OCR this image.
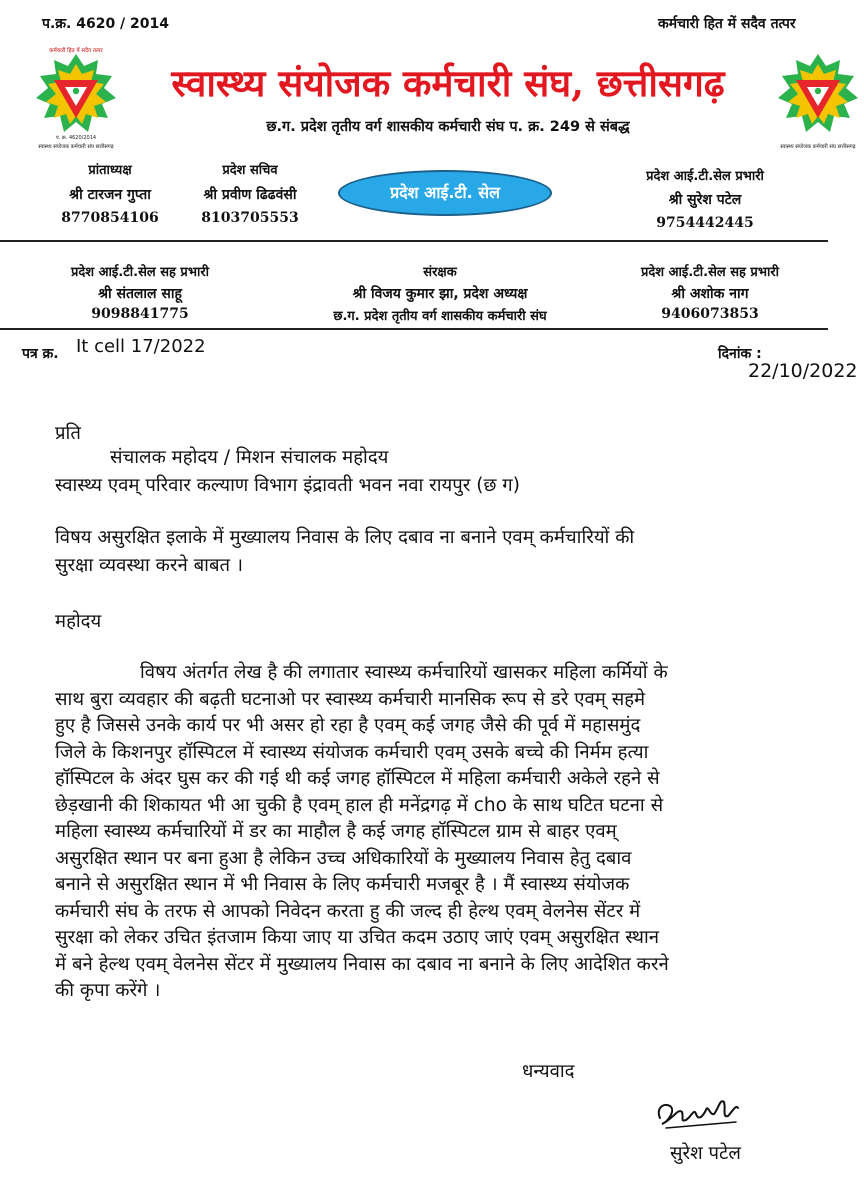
प.क्र. 4620 / 2014	कर्मचारी हित में सदैव तत्पर
कर्मचारी हित में सदैव तत्पर
प. क्र. 4620/2014
स्वास्थ्य संयोजक कर्मचारी संघ छत्तीसगढ़	स्वास्थ्य संयोजक कर्मचारी संघ छत्तीसगढ़
स्वास्थ्य संयोजक कर्मचारी संघ, छत्तीसगढ़
छ.ग. प्रदेश तृतीय वर्ग शासकीय कर्मचारी संघ प. क्र. 249 से संबद्ध
प्रांताध्यक्ष
श्री टारजन गुप्ता
8770854106
प्रदेश सचिव
श्री प्रवीण ढिढवंसी
8103705553
प्रदेश आई.टी. सेल
प्रदेश आई.टी.सेल प्रभारी
श्री सुरेश पटेल
9754442445
प्रदेश आई.टी.सेल सह प्रभारी
श्री संतलाल साहू
9098841775
संरक्षक
श्री विजय कुमार झा, प्रदेश अध्यक्ष
छ.ग. प्रदेश तृतीय वर्ग शासकीय कर्मचारी संघ
प्रदेश आई.टी.सेल सह प्रभारी
श्री अशोक नाग
9406073853
पत्र क्र. It cell 17/2022	दिनांक :
22/10/2022
प्रति
संचालक महोदय / मिशन संचालक महोदय
स्वास्थ्य एवम् परिवार कल्याण विभाग इंद्रावती भवन नवा रायपुर (छ ग)
विषय असुरक्षित इलाके में मुख्यालय निवास के लिए दबाव ना बनाने एवम् कर्मचारियों की
सुरक्षा व्यवस्था करने बाबत ।
महोदय

विषय अंतर्गत लेख है की लगातार स्वास्थ्य कर्मचारियों खासकर महिला कर्मियों के

साथ बुरा व्यवहार की बढ़ती घटनाओ पर स्वास्थ्य कर्मचारी मानसिक रूप से डरे एवम् सहमे

हुए है जिससे उनके कार्य पर भी असर हो रहा है एवम् कई जगह जैसे की पूर्व में महासमुंद

जिले के किशनपुर हॉस्पिटल में स्वास्थ्य संयोजक कर्मचारी एवम् उसके बच्चे की निर्मम हत्या

हॉस्पिटल के अंदर घुस कर की गई थी कई जगह हॉस्पिटल में महिला कर्मचारी अकेले रहने से

छेड़खानी की शिकायत भी आ चुकी है एवम् हाल ही मनेंद्रगढ़ में cho के साथ घटित घटना से

महिला स्वास्थ्य कर्मचारियों में डर का माहौल है कई जगह हॉस्पिटल ग्राम से बाहर एवम्

असुरक्षित स्थान पर बना हुआ है लेकिन उच्च अधिकारियों के मुख्यालय निवास हेतु दबाव

बनाने से असुरक्षित स्थान में भी निवास के लिए कर्मचारी मजबूर है । मैं स्वास्थ्य संयोजक

कर्मचारी संघ के तरफ से आपको निवेदन करता हु की जल्द ही हेल्थ एवम् वेलनेस सेंटर में

सुरक्षा को लेकर उचित इंतजाम किया जाए या उचित कदम उठाए जाएं एवम् असुरक्षित स्थान

में बने हेल्थ एवम् वेलनेस सेंटर में मुख्यालय निवास का दबाव ना बनाने के लिए आदेशित करने

की कृपा करेंगे ।

धन्यवाद
सुरेश पटेल
